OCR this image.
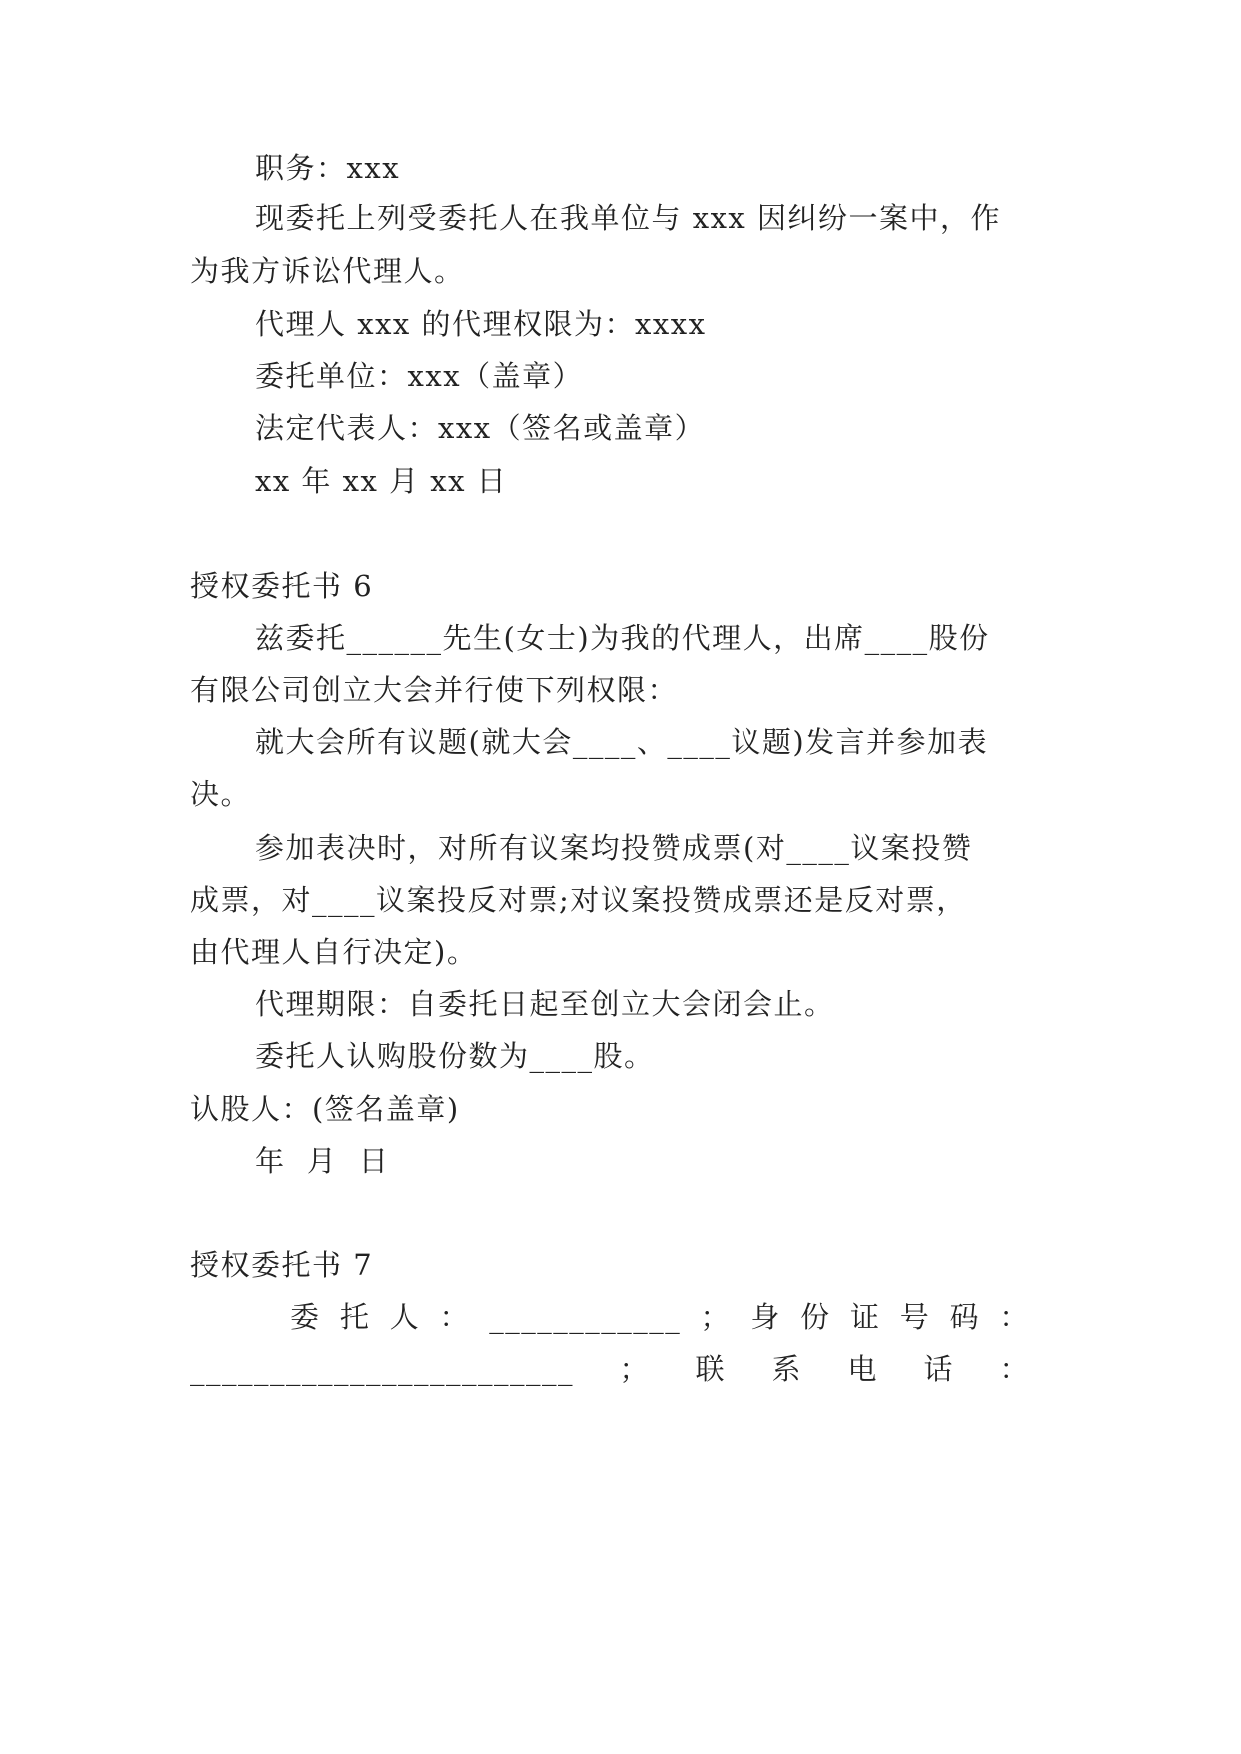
职务：xxx
现委托上列受委托人在我单位与 xxx 因纠纷一案中，作
为我方诉讼代理人。
代理人 xxx 的代理权限为：xxxx
委托单位：xxx（盖章）
法定代表人：xxx（签名或盖章）
xx 年 xx 月 xx 日
授权委托书 6
兹委托______先生(女士)为我的代理人，出席____股份
有限公司创立大会并行使下列权限：
就大会所有议题(就大会____、____议题)发言并参加表
决。
参加表决时，对所有议案均投赞成票(对____议案投赞
成票，对____议案投反对票;对议案投赞成票还是反对票，
由代理人自行决定)。
代理期限：自委托日起至创立大会闭会止。
委托人认购股份数为____股。
认股人：(签名盖章)
年  月  日
授权委托书 7
委 托 人 ： ____________ ； 身 份 证 号 码 ：
________________________ ； 联 系 电 话 ：
